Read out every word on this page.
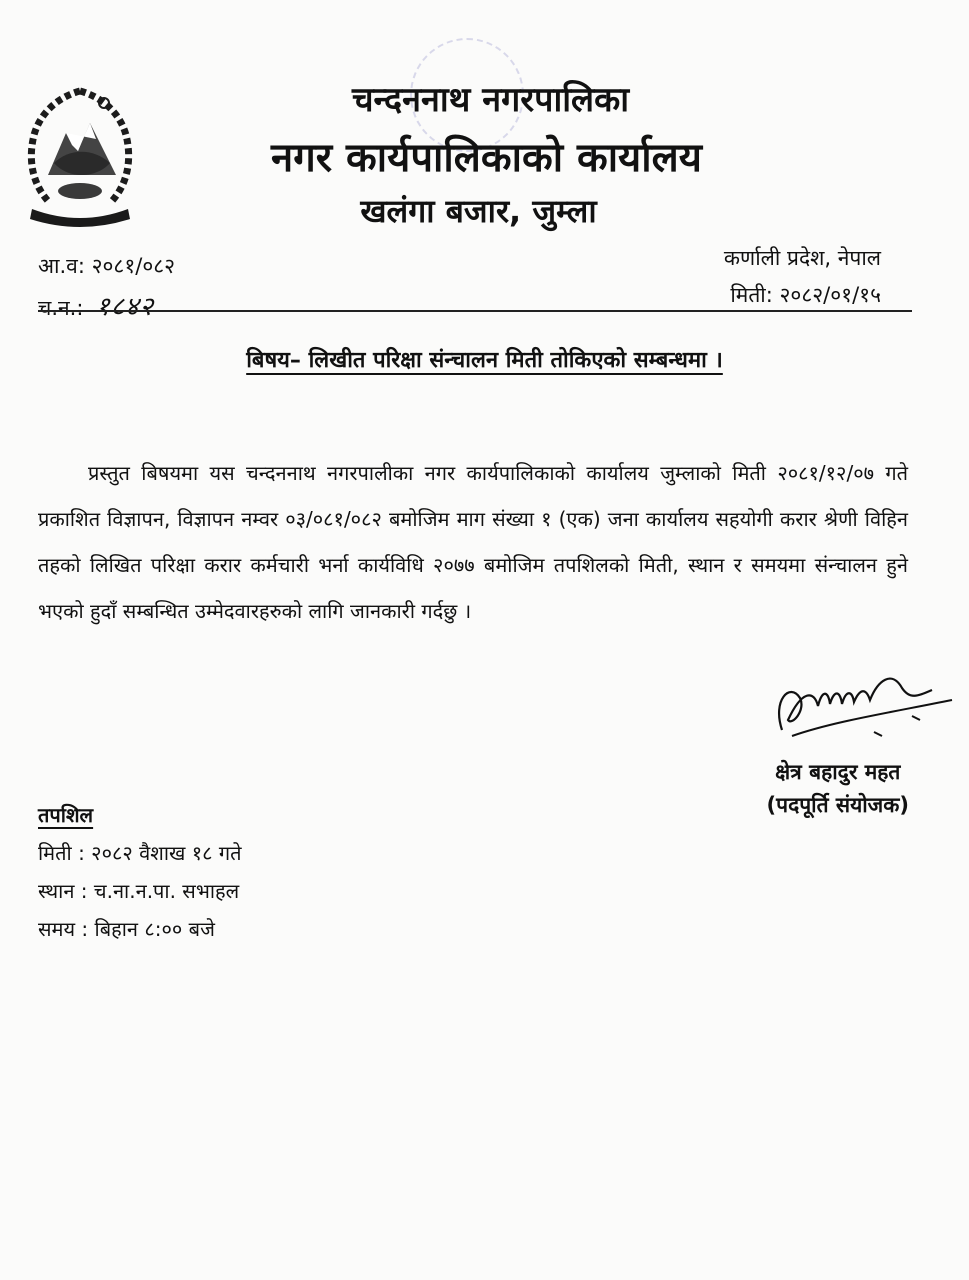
चन्दननाथ नगरपालिका
नगर कार्यपालिकाको कार्यालय
खलंगा बजार, जुम्ला
आ.व: २०८१/०८२
च.न.: १८४२
कर्णाली प्रदेश, नेपाल
मिती: २०८२/०१/१५
बिषय– लिखीत परिक्षा संन्चालन मिती तोकिएको सम्बन्धमा ।
प्रस्तुत बिषयमा यस चन्दननाथ नगरपालीका नगर कार्यपालिकाको कार्यालय जुम्लाको मिती २०८१/१२/०७ गते प्रकाशित विज्ञापन, विज्ञापन नम्वर ०३/०८१/०८२ बमोजिम माग संख्या १ (एक) जना कार्यालय सहयोगी करार श्रेणी विहिन तहको लिखित परिक्षा करार कर्मचारी भर्ना कार्यविधि २०७७ बमोजिम तपशिलको मिती, स्थान र समयमा संन्चालन हुने भएको हुदाँ सम्बन्धित उम्मेदवारहरुको लागि जानकारी गर्दछु ।
क्षेत्र बहादुर महत
(पदपूर्ति संयोजक)
तपशिल
मिती : २०८२ वैशाख १८ गते
स्थान : च.ना.न.पा. सभाहल
समय : बिहान ८:०० बजे
